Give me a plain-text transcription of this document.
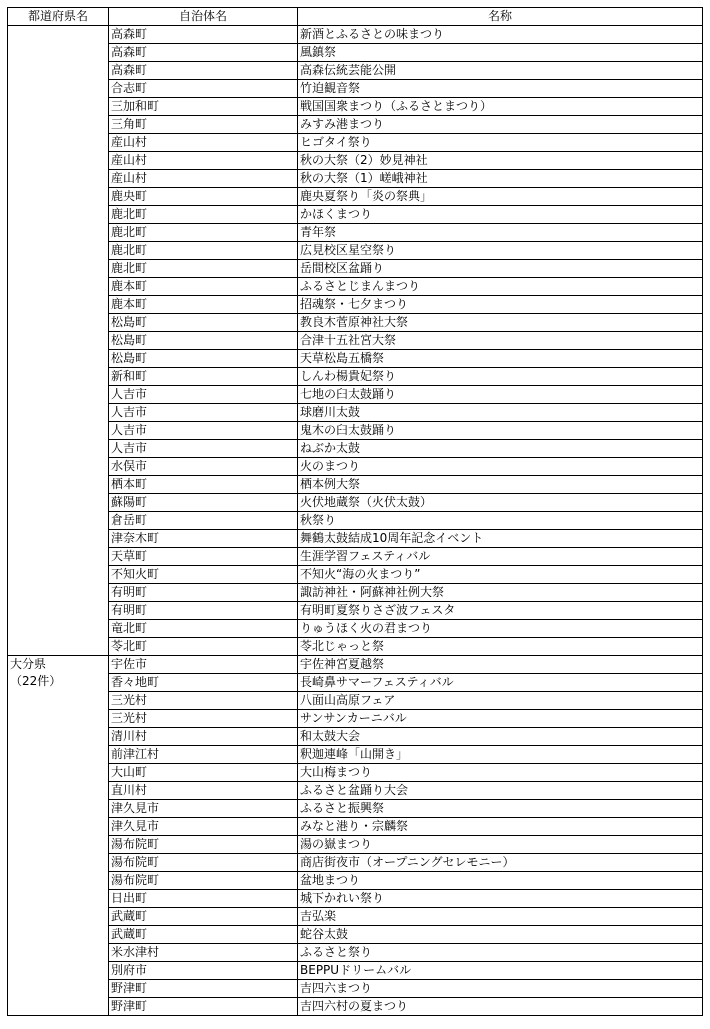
都道府県名	自治体名	名称
	高森町	新酒とふるさとの味まつり
	高森町	風鎮祭
	高森町	高森伝統芸能公開
	合志町	竹迫観音祭
	三加和町	戦国国衆まつり（ふるさとまつり）
	三角町	みすみ港まつり
	産山村	ヒゴタイ祭り
	産山村	秋の大祭（2）妙見神社
	産山村	秋の大祭（1）嵯峨神社
	鹿央町	鹿央夏祭り「炎の祭典」
	鹿北町	かほくまつり
	鹿北町	青年祭
	鹿北町	広見校区星空祭り
	鹿北町	岳間校区盆踊り
	鹿本町	ふるさとじまんまつり
	鹿本町	招魂祭・七夕まつり
	松島町	教良木菅原神社大祭
	松島町	合津十五社宮大祭
	松島町	天草松島五橋祭
	新和町	しんわ楊貴妃祭り
	人吉市	七地の臼太鼓踊り
	人吉市	球磨川太鼓
	人吉市	鬼木の臼太鼓踊り
	人吉市	ねぶか太鼓
	水俣市	火のまつり
	栖本町	栖本例大祭
	蘇陽町	火伏地蔵祭（火伏太鼓）
	倉岳町	秋祭り
	津奈木町	舞鶴太鼓結成10周年記念イベント
	天草町	生涯学習フェスティバル
	不知火町	不知火“海の火まつり”
	有明町	諏訪神社・阿蘇神社例大祭
	有明町	有明町夏祭りさざ波フェスタ
	竜北町	りゅうほく火の君まつり
	苓北町	苓北じゃっと祭
大分県
（22件）	宇佐市	宇佐神宮夏越祭
	香々地町	長崎鼻サマーフェスティバル
	三光村	八面山高原フェア
	三光村	サンサンカーニバル
	清川村	和太鼓大会
	前津江村	釈迦連峰「山開き」
	大山町	大山梅まつり
	直川村	ふるさと盆踊り大会
	津久見市	ふるさと振興祭
	津久見市	みなと港り・宗麟祭
	湯布院町	湯の嶽まつり
	湯布院町	商店街夜市（オープニングセレモニー）
	湯布院町	盆地まつり
	日出町	城下かれい祭り
	武蔵町	吉弘楽
	武蔵町	蛇谷太鼓
	米水津村	ふるさと祭り
	別府市	BEPPUドリームバル
	野津町	吉四六まつり
	野津町	吉四六村の夏まつり
